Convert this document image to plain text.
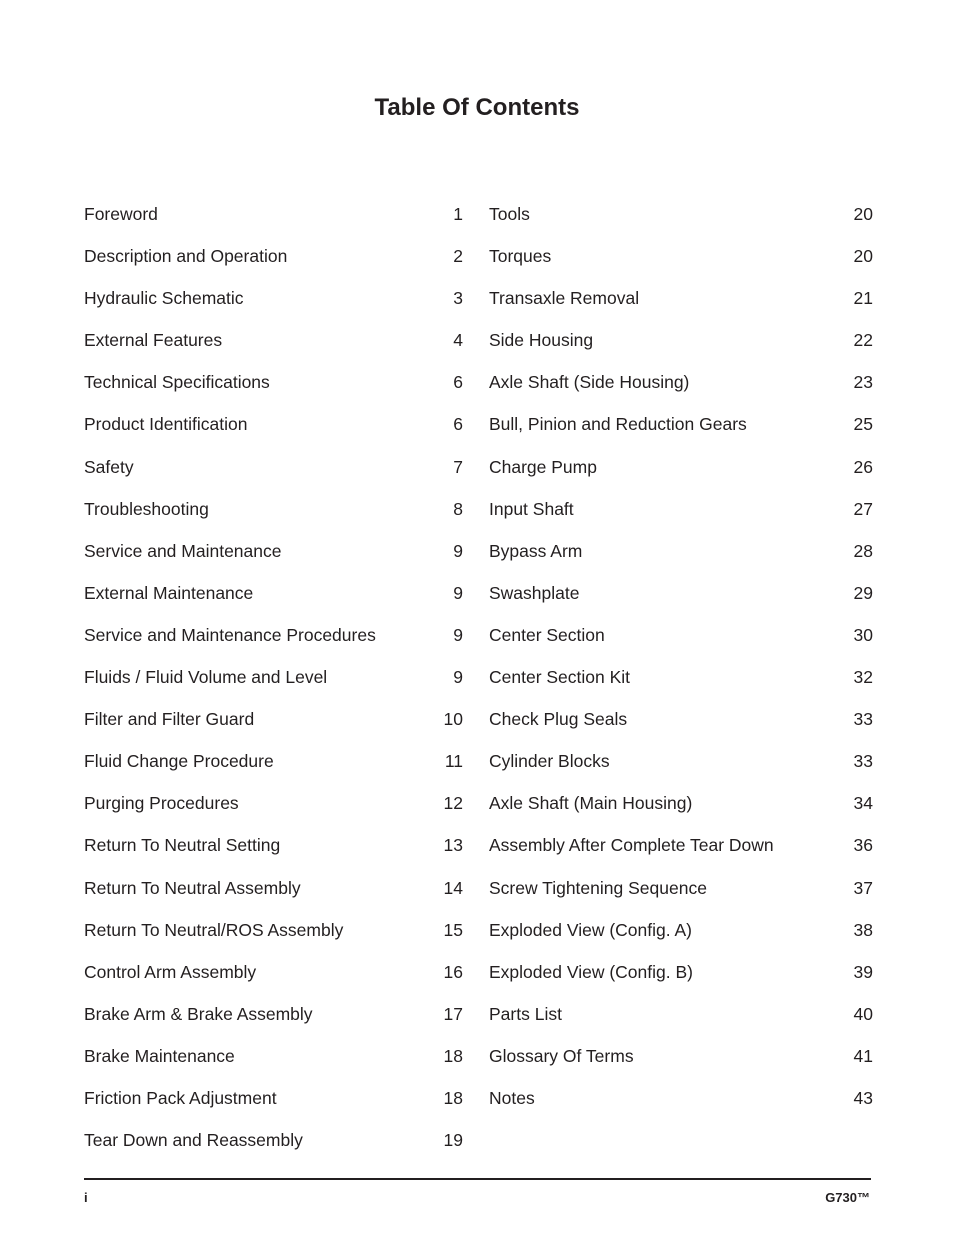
Table Of Contents
Foreword	1
Description and Operation	2
Hydraulic Schematic	3
External Features	4
Technical Specifications	6
Product Identification	6
Safety	7
Troubleshooting	8
Service and Maintenance	9
External Maintenance	9
Service and Maintenance Procedures	9
Fluids / Fluid Volume and Level	9
Filter and Filter Guard	10
Fluid Change Procedure	11
Purging Procedures	12
Return To Neutral Setting	13
Return To Neutral Assembly	14
Return To Neutral/ROS Assembly	15
Control Arm Assembly	16
Brake Arm & Brake Assembly	17
Brake Maintenance	18
Friction Pack Adjustment	18
Tear Down and Reassembly	19
Tools	20
Torques	20
Transaxle Removal	21
Side Housing	22
Axle Shaft (Side Housing)	23
Bull, Pinion and Reduction Gears	25
Charge Pump	26
Input Shaft	27
Bypass Arm	28
Swashplate	29
Center Section	30
Center Section Kit	32
Check Plug Seals	33
Cylinder Blocks	33
Axle Shaft (Main Housing)	34
Assembly After Complete Tear Down	36
Screw Tightening Sequence	37
Exploded View (Config. A)	38
Exploded View (Config. B)	39
Parts List	40
Glossary Of Terms	41
Notes	43
i	G730™
